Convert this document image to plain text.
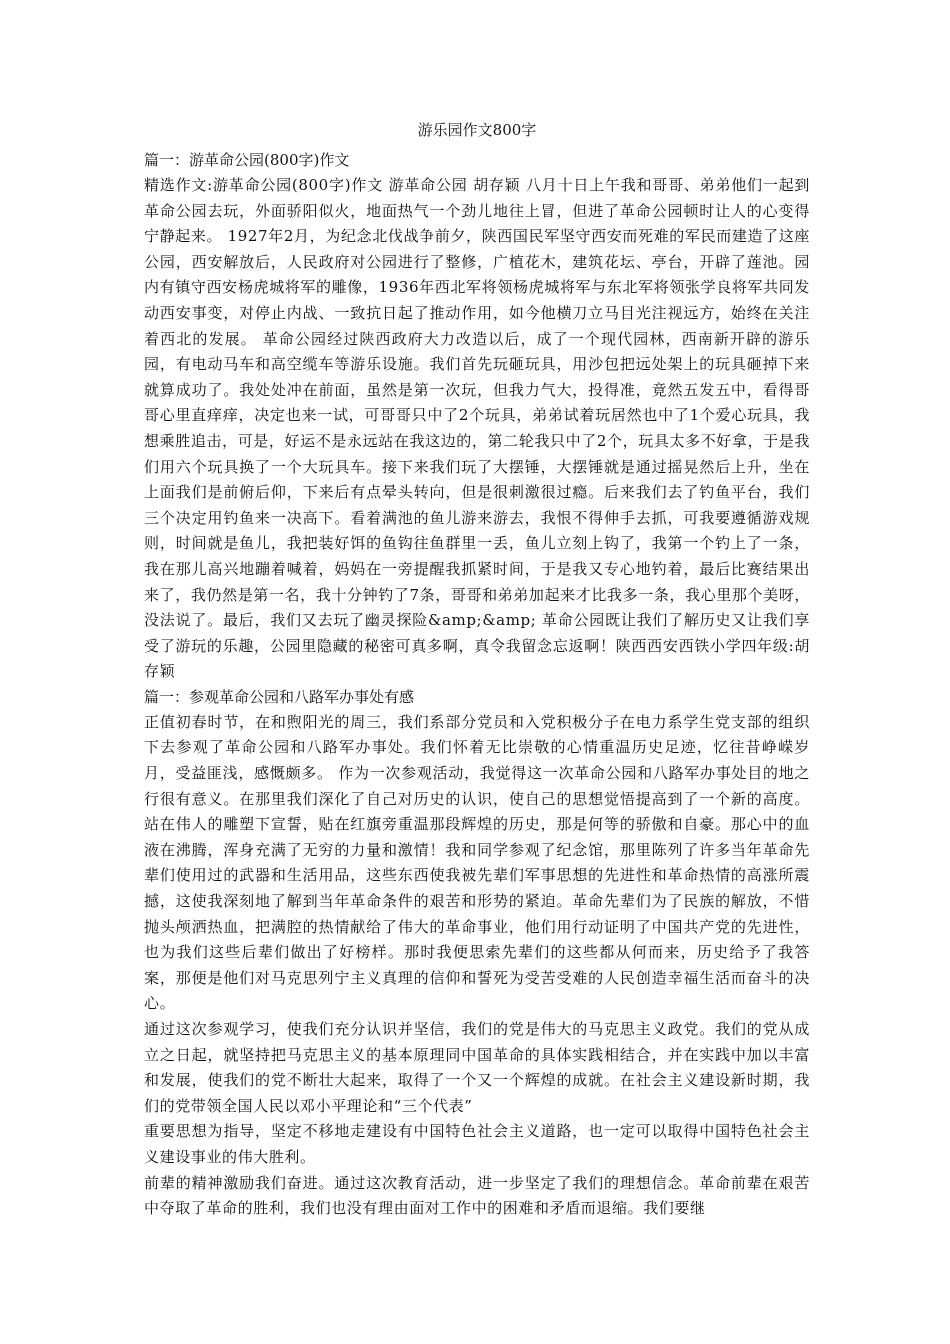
游乐园作文800字

篇一：游革命公园(800字)作文

精选作文:游革命公园(800字)作文 游革命公园 胡存颖 八月十日上午我和哥哥、弟弟他们一起到革命公园去玩，外面骄阳似火，地面热气一个劲儿地往上冒，但进了革命公园顿时让人的心变得宁静起来。 1927年2月，为纪念北伐战争前夕，陕西国民军坚守西安而死难的军民而建造了这座公园，西安解放后，人民政府对公园进行了整修，广植花木，建筑花坛、亭台，开辟了莲池。园内有镇守西安杨虎城将军的雕像，1936年西北军将领杨虎城将军与东北军将领张学良将军共同发动西安事变，对停止内战、一致抗日起了推动作用，如今他横刀立马目光注视远方，始终在关注着西北的发展。 革命公园经过陕西政府大力改造以后，成了一个现代园林，西南新开辟的游乐园，有电动马车和高空缆车等游乐设施。我们首先玩砸玩具，用沙包把远处架上的玩具砸掉下来就算成功了。我处处冲在前面，虽然是第一次玩，但我力气大，投得准，竟然五发五中，看得哥哥心里直痒痒，决定也来一试，可哥哥只中了2个玩具，弟弟试着玩居然也中了1个爱心玩具，我想乘胜追击，可是，好运不是永远站在我这边的，第二轮我只中了2个，玩具太多不好拿，于是我们用六个玩具换了一个大玩具车。接下来我们玩了大摆锤，大摆锤就是通过摇晃然后上升，坐在上面我们是前俯后仰，下来后有点晕头转向，但是很刺激很过瘾。后来我们去了钓鱼平台，我们三个决定用钓鱼来一决高下。看着满池的鱼儿游来游去，我恨不得伸手去抓，可我要遵循游戏规则，时间就是鱼儿，我把装好饵的鱼钩往鱼群里一丢，鱼儿立刻上钩了，我第一个钓上了一条，我在那儿高兴地蹦着喊着，妈妈在一旁提醒我抓紧时间，于是我又专心地钓着，最后比赛结果出来了，我仍然是第一名，我十分钟钓了7条，哥哥和弟弟加起来才比我多一条，我心里那个美呀，没法说了。最后，我们又去玩了幽灵探险&amp;&amp; 革命公园既让我们了解历史又让我们享受了游玩的乐趣，公园里隐藏的秘密可真多啊，真令我留念忘返啊！陕西西安西铁小学四年级:胡存颖

篇一：参观革命公园和八路军办事处有感

正值初春时节，在和煦阳光的周三，我们系部分党员和入党积极分子在电力系学生党支部的组织下去参观了革命公园和八路军办事处。我们怀着无比崇敬的心情重温历史足迹，忆往昔峥嵘岁月，受益匪浅，感慨颇多。 作为一次参观活动，我觉得这一次革命公园和八路军办事处目的地之行很有意义。在那里我们深化了自己对历史的认识，使自己的思想觉悟提高到了一个新的高度。站在伟人的雕塑下宣誓，贴在红旗旁重温那段辉煌的历史，那是何等的骄傲和自豪。那心中的血液在沸腾，浑身充满了无穷的力量和激情！我和同学参观了纪念馆，那里陈列了许多当年革命先辈们使用过的武器和生活用品，这些东西使我被先辈们军事思想的先进性和革命热情的高涨所震撼，这使我深刻地了解到当年革命条件的艰苦和形势的紧迫。革命先辈们为了民族的解放，不惜抛头颅洒热血，把满腔的热情献给了伟大的革命事业，他们用行动证明了中国共产党的先进性，也为我们这些后辈们做出了好榜样。那时我便思索先辈们的这些都从何而来，历史给予了我答案，那便是他们对马克思列宁主义真理的信仰和誓死为受苦受难的人民创造幸福生活而奋斗的决心。

通过这次参观学习，使我们充分认识并坚信，我们的党是伟大的马克思主义政党。我们的党从成立之日起，就坚持把马克思主义的基本原理同中国革命的具体实践相结合，并在实践中加以丰富和发展，使我们的党不断壮大起来，取得了一个又一个辉煌的成就。在社会主义建设新时期，我们的党带领全国人民以邓小平理论和“三个代表”

重要思想为指导，坚定不移地走建设有中国特色社会主义道路，也一定可以取得中国特色社会主义建设事业的伟大胜利。

前辈的精神激励我们奋进。通过这次教育活动，进一步坚定了我们的理想信念。革命前辈在艰苦中夺取了革命的胜利，我们也没有理由面对工作中的困难和矛盾而退缩。我们要继
